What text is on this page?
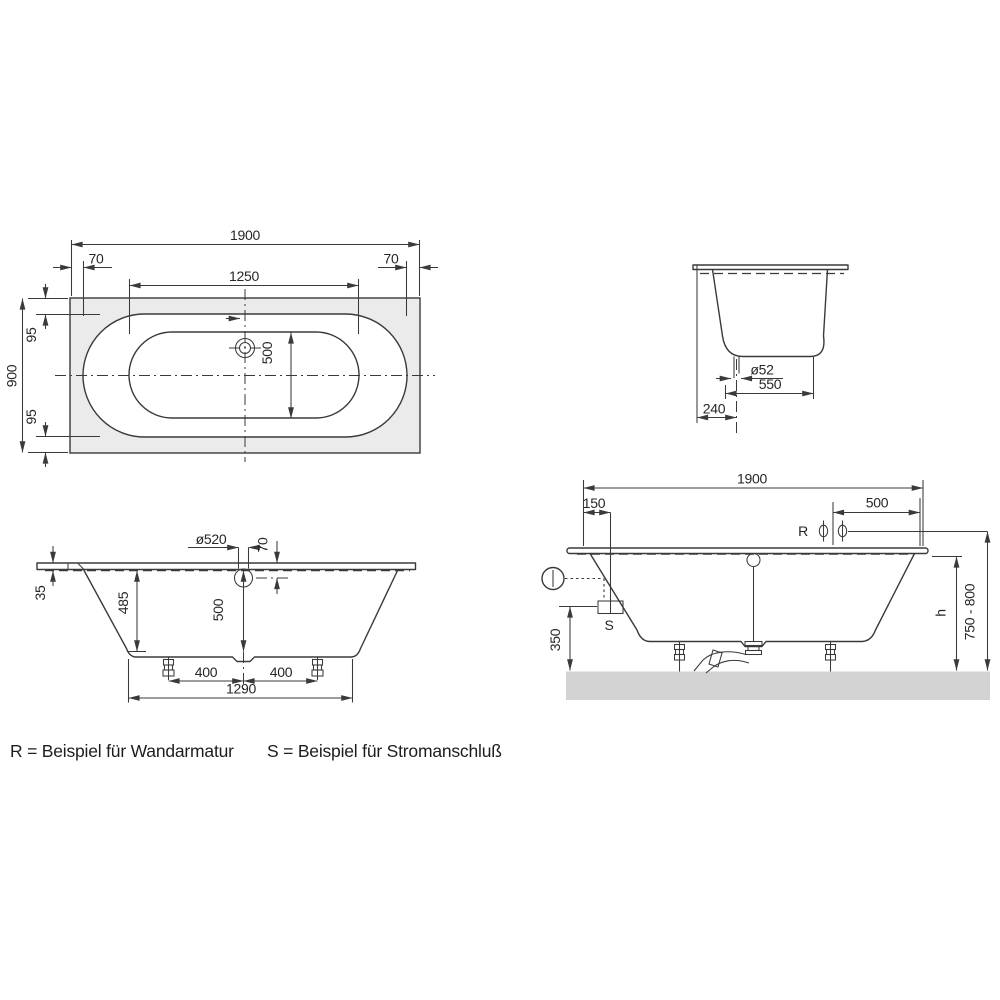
1900
70	70
1250
900
95
95
500
ø52
550
240
ø520 70
35	485	500
400	400
1290
S
R
1900
150	500
350
h 750 - 800
R = Beispiel für Wandarmatur S = Beispiel für Stromanschluß
